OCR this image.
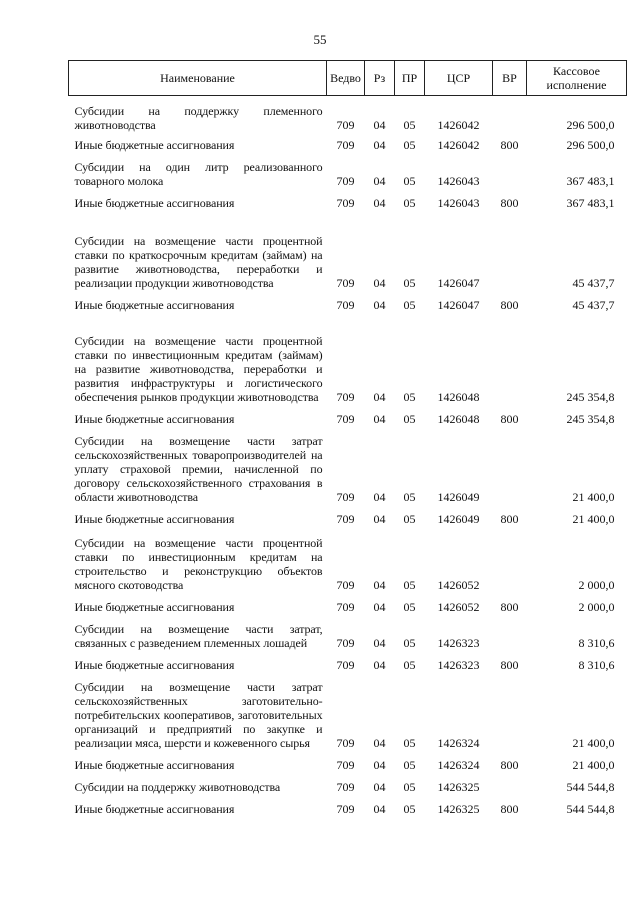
55
Наименование	Ведво	Рз	ПР	ЦСР	ВР	Кассовое исполнение
Субсидии на поддержку племенного животноводства	709	04	05	1426042		296 500,0
Иные бюджетные ассигнования	709	04	05	1426042	800	296 500,0
Субсидии на один литр реализованного товарного молока	709	04	05	1426043		367 483,1
Иные бюджетные ассигнования	709	04	05	1426043	800	367 483,1
Субсидии на возмещение части процентной ставки по краткосрочным кредитам (займам) на развитие животноводства, переработки и реализации продукции животноводства	709	04	05	1426047		45 437,7
Иные бюджетные ассигнования	709	04	05	1426047	800	45 437,7
Субсидии на возмещение части процентной ставки по инвестиционным кредитам (займам) на развитие животноводства, переработки и развития инфраструктуры и логистического обеспечения рынков продукции животноводства	709	04	05	1426048		245 354,8
Иные бюджетные ассигнования	709	04	05	1426048	800	245 354,8
Субсидии на возмещение части затрат сельскохозяйственных товаропроизводителей на уплату страховой премии, начисленной по договору сельскохозяйственного страхования в области животноводства	709	04	05	1426049		21 400,0
Иные бюджетные ассигнования	709	04	05	1426049	800	21 400,0
Субсидии на возмещение части процентной ставки по инвестиционным кредитам на строительство и реконструкцию объектов мясного скотоводства	709	04	05	1426052		2 000,0
Иные бюджетные ассигнования	709	04	05	1426052	800	2 000,0
Субсидии на возмещение части затрат, связанных с разведением племенных лошадей	709	04	05	1426323		8 310,6
Иные бюджетные ассигнования	709	04	05	1426323	800	8 310,6
Субсидии на возмещение части затрат сельскохозяйственных заготовительно-потребительских кооперативов, заготовительных организаций и предприятий по закупке и реализации мяса, шерсти и кожевенного сырья	709	04	05	1426324		21 400,0
Иные бюджетные ассигнования	709	04	05	1426324	800	21 400,0
Субсидии на поддержку животноводства	709	04	05	1426325		544 544,8
Иные бюджетные ассигнования	709	04	05	1426325	800	544 544,8
